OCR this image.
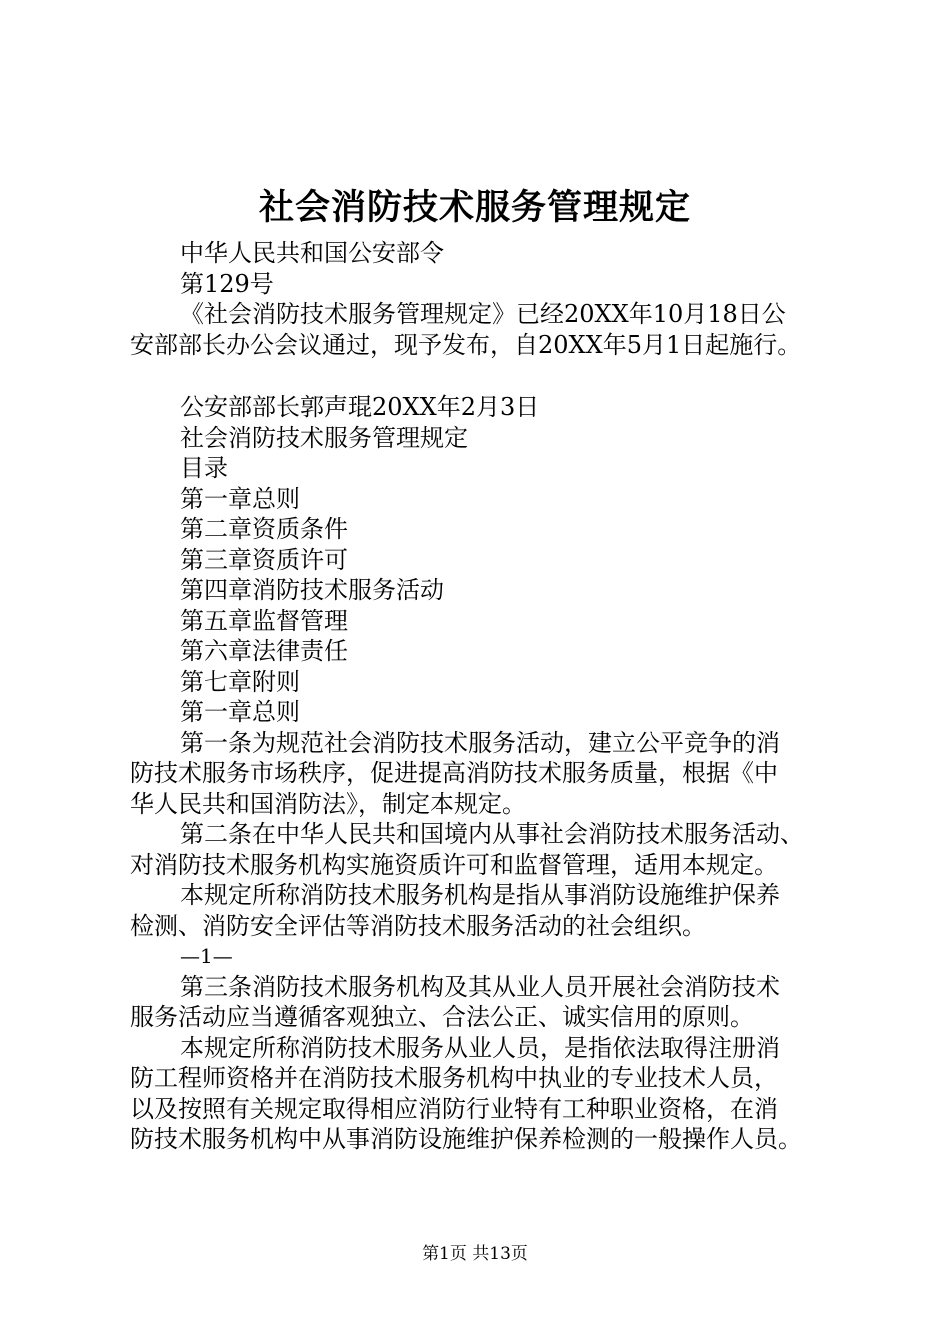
社会消防技术服务管理规定
中华人民共和国公安部令
第129号
《社会消防技术服务管理规定》已经20XX年10月18日公
安部部长办公会议通过，现予发布，自20XX年5月1日起施行。
公安部部长郭声琨20XX年2月3日
社会消防技术服务管理规定
目录
第一章总则
第二章资质条件
第三章资质许可
第四章消防技术服务活动
第五章监督管理
第六章法律责任
第七章附则
第一章总则
第一条为规范社会消防技术服务活动，建立公平竞争的消
防技术服务市场秩序，促进提高消防技术服务质量，根据《中
华人民共和国消防法》，制定本规定。
第二条在中华人民共和国境内从事社会消防技术服务活动、
对消防技术服务机构实施资质许可和监督管理，适用本规定。
本规定所称消防技术服务机构是指从事消防设施维护保养
检测、消防安全评估等消防技术服务活动的社会组织。
—1—
第三条消防技术服务机构及其从业人员开展社会消防技术
服务活动应当遵循客观独立、合法公正、诚实信用的原则。
本规定所称消防技术服务从业人员，是指依法取得注册消
防工程师资格并在消防技术服务机构中执业的专业技术人员，
以及按照有关规定取得相应消防行业特有工种职业资格，在消
防技术服务机构中从事消防设施维护保养检测的一般操作人员。
第1页 共13页
